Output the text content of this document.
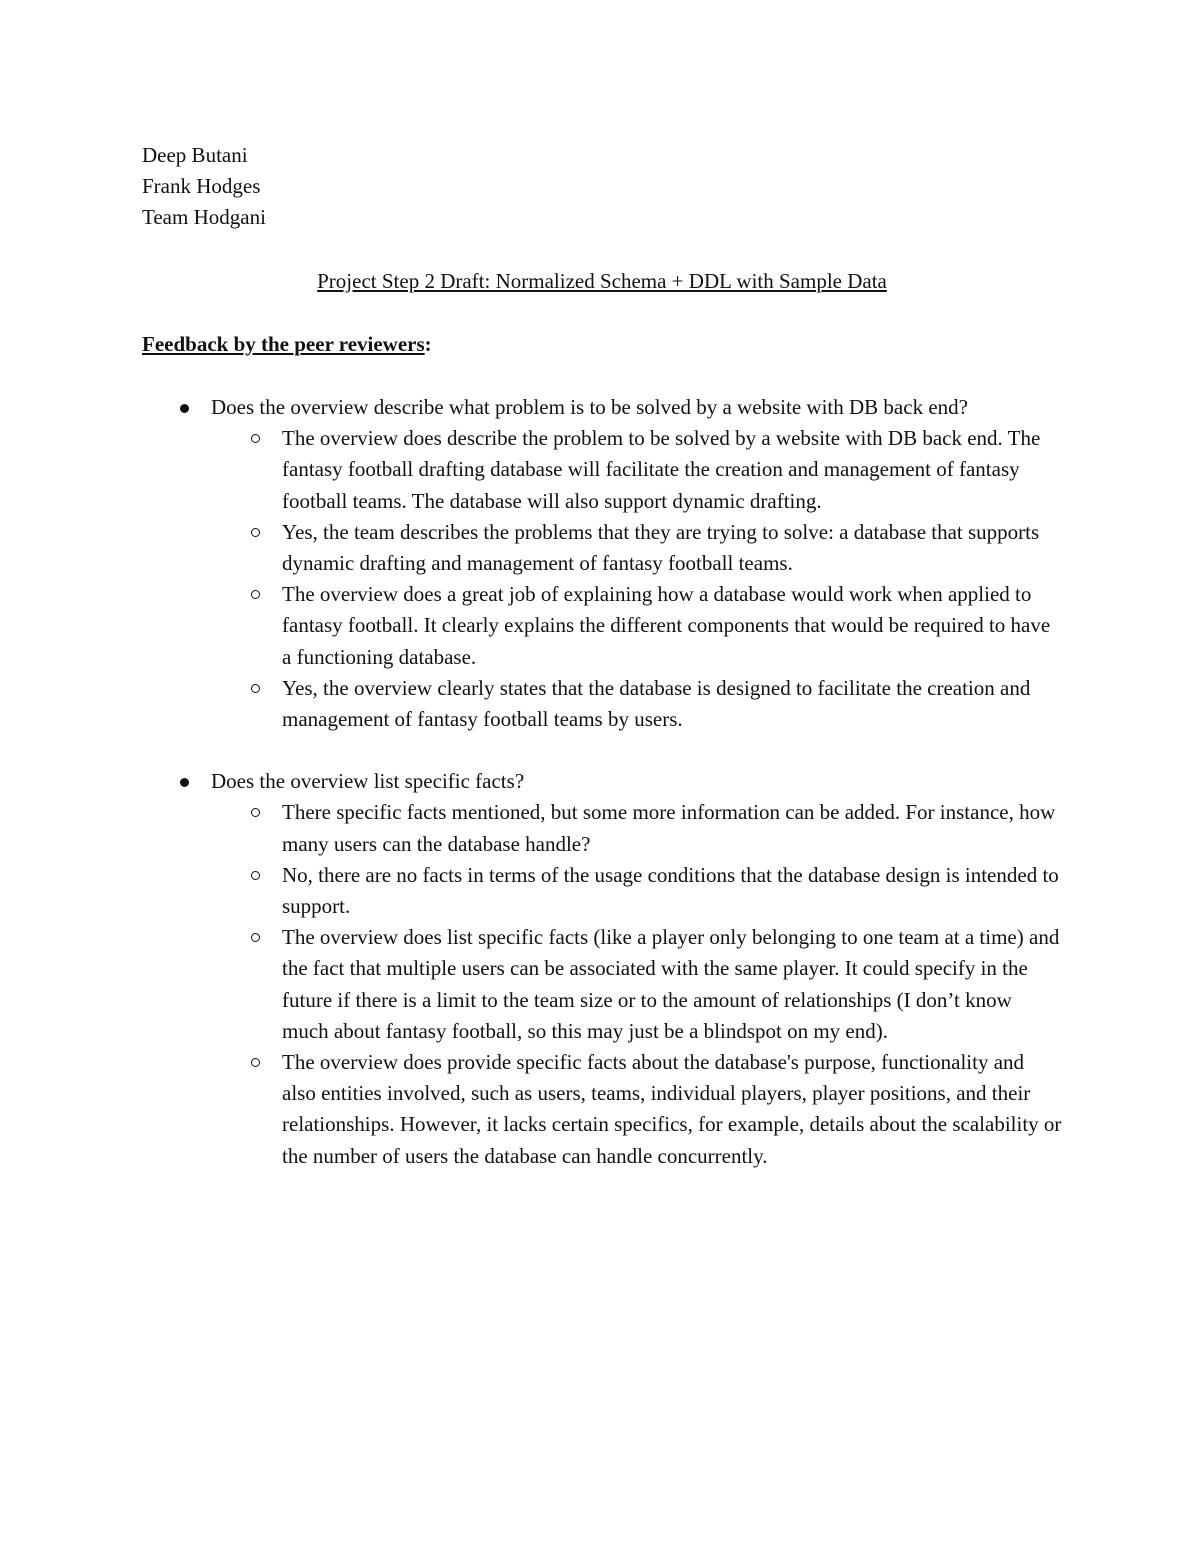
Deep Butani
Frank Hodges
Team Hodgani
Project Step 2 Draft: Normalized Schema + DDL with Sample Data
Feedback by the peer reviewers:
Does the overview describe what problem is to be solved by a website with DB back end?
The overview does describe the problem to be solved by a website with DB back end. The fantasy football drafting database will facilitate the creation and management of fantasy football teams. The database will also support dynamic drafting.
Yes, the team describes the problems that they are trying to solve: a database that supports dynamic drafting and management of fantasy football teams.
The overview does a great job of explaining how a database would work when applied to fantasy football. It clearly explains the different components that would be required to have a functioning database.
Yes, the overview clearly states that the database is designed to facilitate the creation and management of fantasy football teams by users.
Does the overview list specific facts?
There specific facts mentioned, but some more information can be added. For instance, how many users can the database handle?
No, there are no facts in terms of the usage conditions that the database design is intended to support.
The overview does list specific facts (like a player only belonging to one team at a time) and the fact that multiple users can be associated with the same player. It could specify in the future if there is a limit to the team size or to the amount of relationships (I don’t know much about fantasy football, so this may just be a blindspot on my end).
The overview does provide specific facts about the database's purpose, functionality and also entities involved, such as users, teams, individual players, player positions, and their relationships. However, it lacks certain specifics, for example, details about the scalability or the number of users the database can handle concurrently.
